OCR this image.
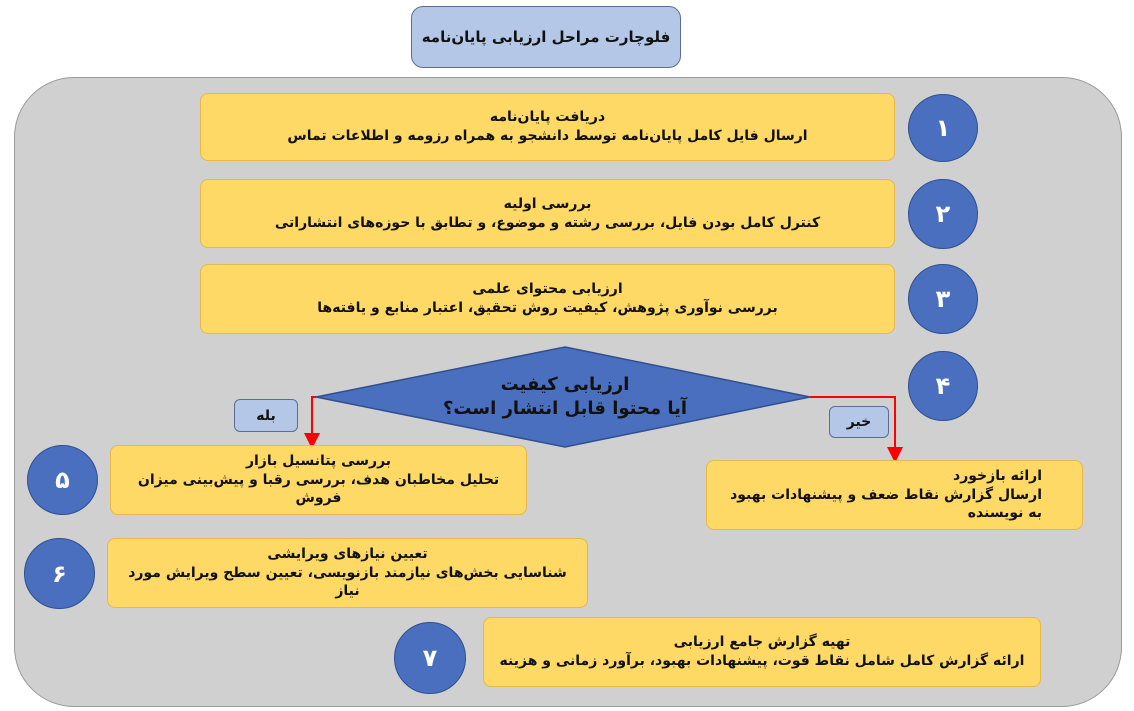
فلوچارت مراحل ارزیابی پایان‌نامه
دریافت پایان‌نامه
ارسال فایل کامل پایان‌نامه توسط دانشجو به همراه رزومه و اطلاعات تماس	۱
بررسی اولیه
کنترل کامل بودن فایل، بررسی رشته و موضوع، و تطابق با حوزه‌های انتشاراتی	۲
ارزیابی محتوای علمی
بررسی نوآوری پژوهش، کیفیت روش تحقیق، اعتبار منابع و یافته‌ها	۳
ارزیابی کیفیت
آیا محتوا قابل انتشار است؟
۴
بله	خیر
بررسی پتانسیل بازار
تحلیل مخاطبان هدف، بررسی رقبا و پیش‌بینی میزان فروش
۵	ارائه بازخورد
ارسال گزارش نقاط ضعف و پیشنهادات بهبود به نویسنده
تعیین نیازهای ویرایشی
شناسایی بخش‌های نیازمند بازنویسی، تعیین سطح ویرایش مورد نیاز
۶
تهیه گزارش جامع ارزیابی
ارائه گزارش کامل شامل نقاط قوت، پیشنهادات بهبود، برآورد زمانی و هزینه
۷
